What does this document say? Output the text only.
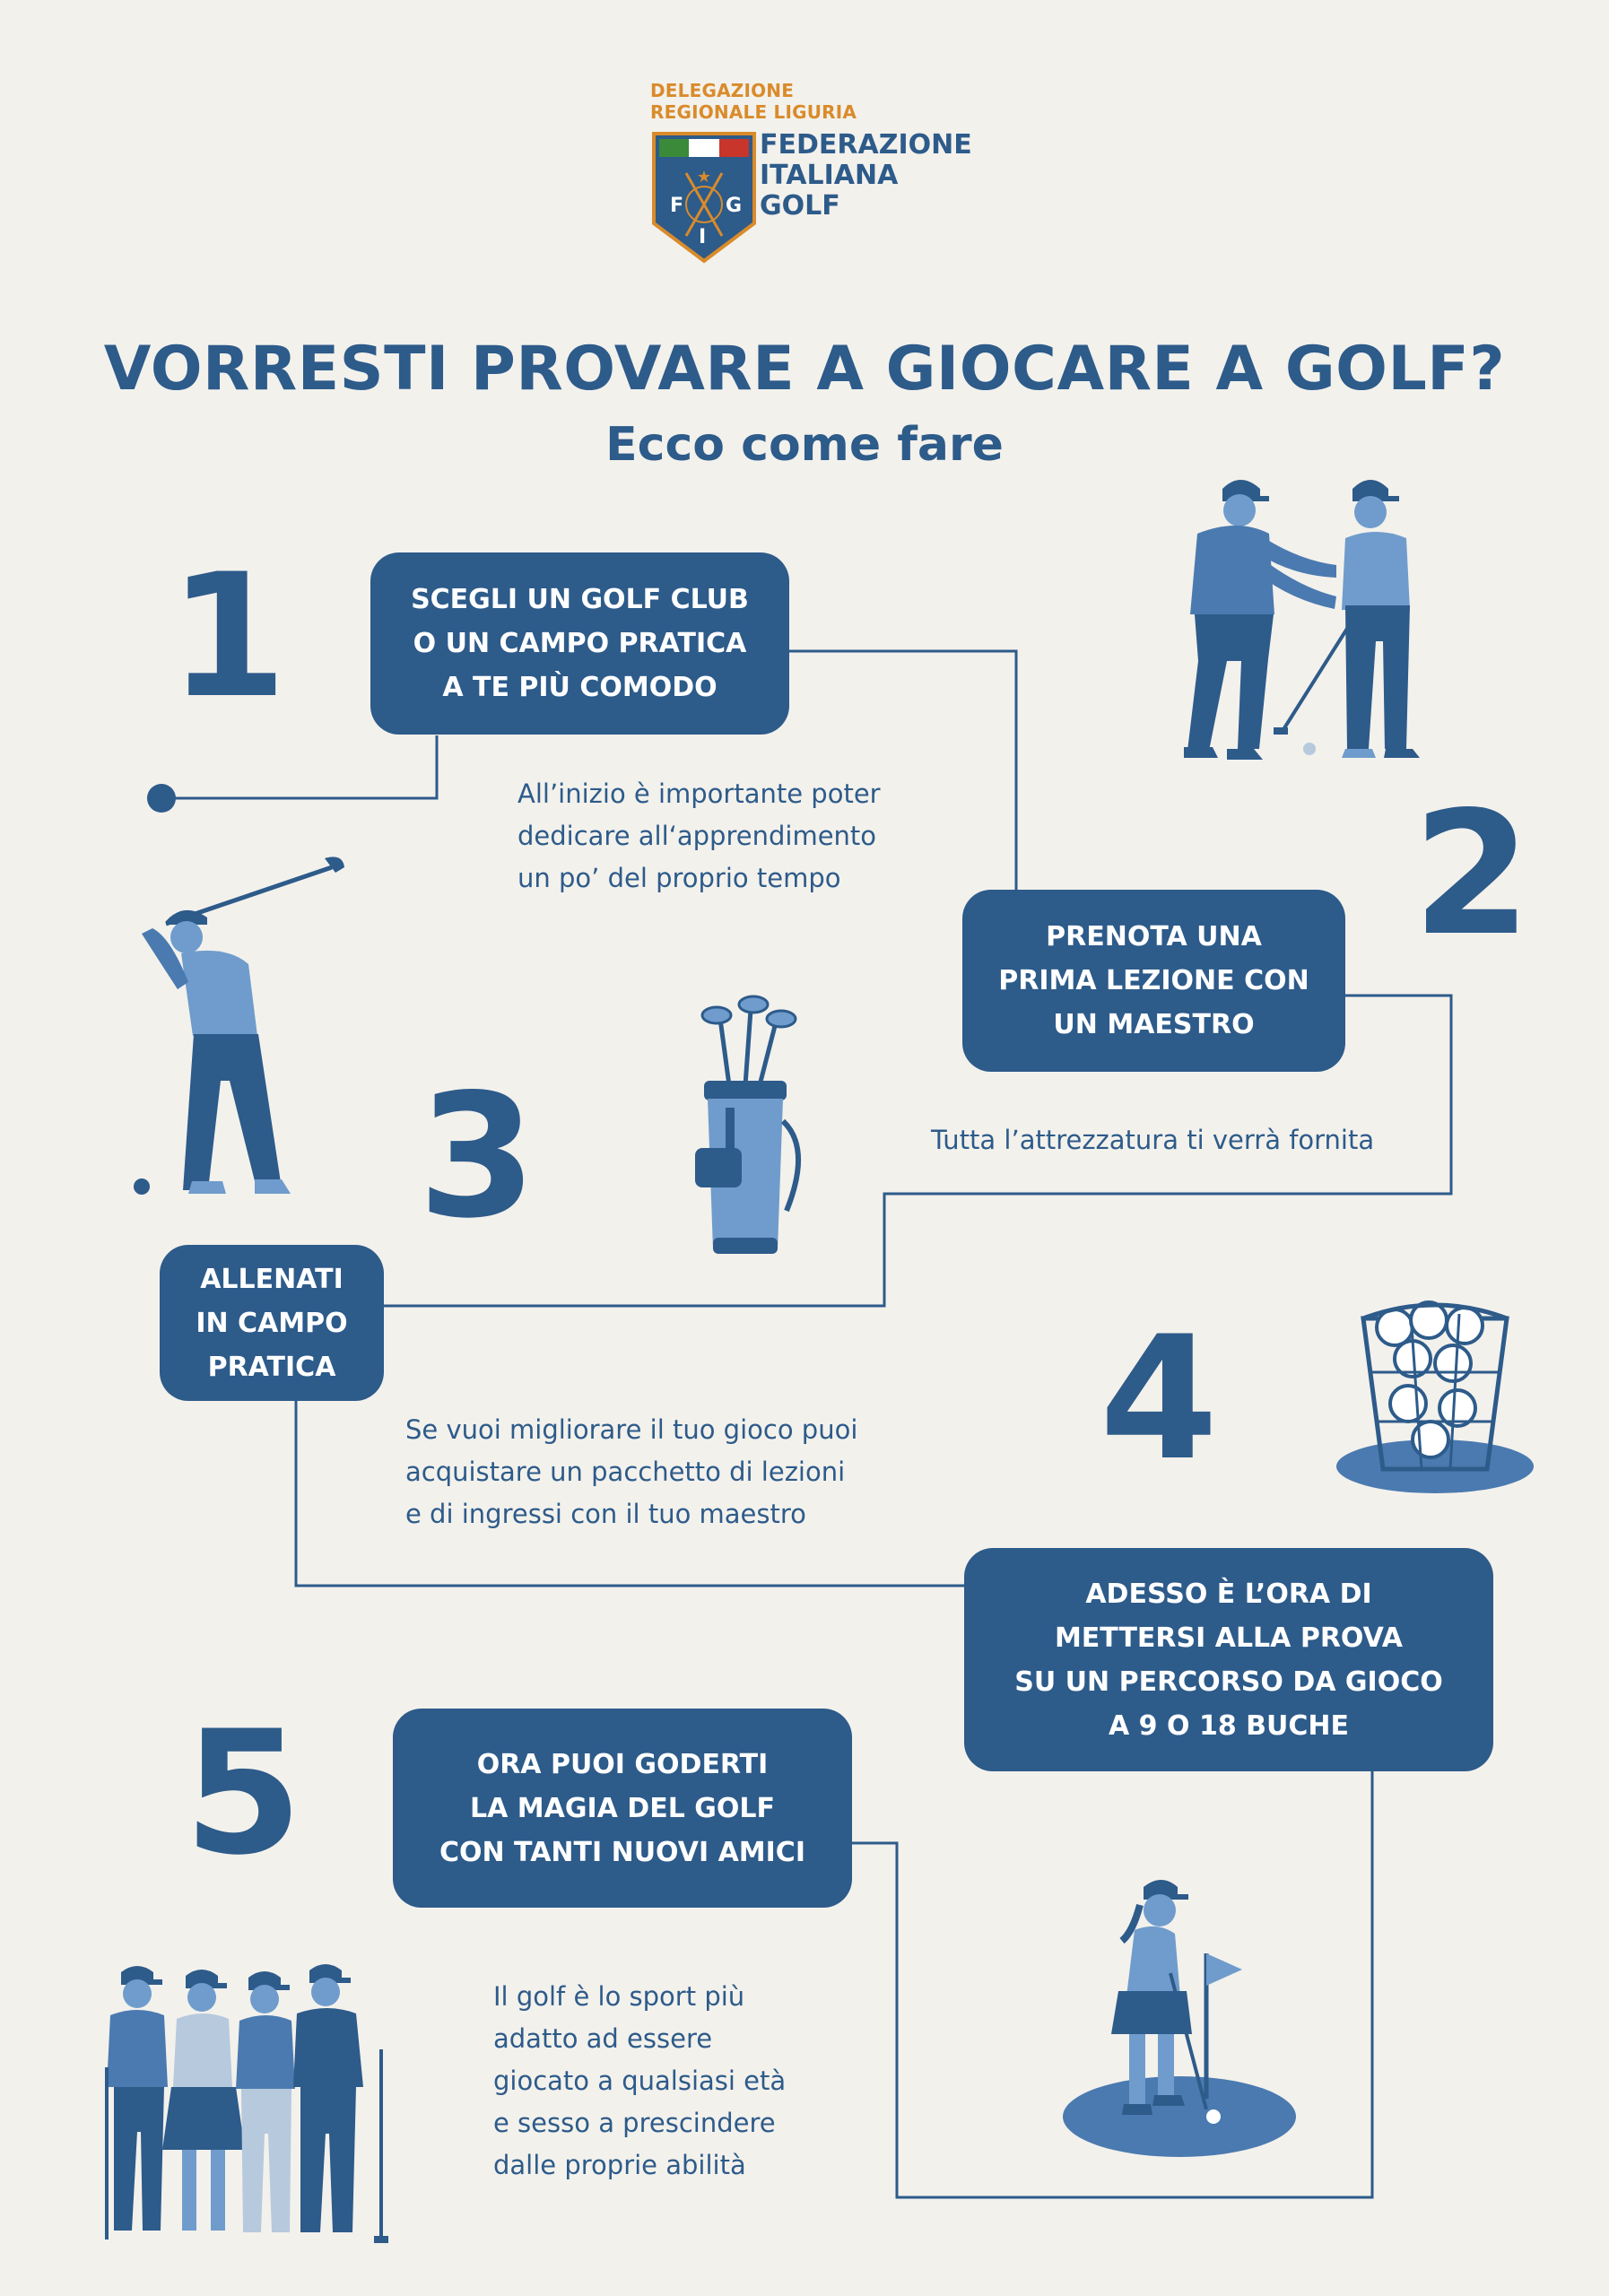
DELEGAZIONE
REGIONALE LIGURIA
★
F G
I
FEDERAZIONE
ITALIANA
GOLF
VORRESTI PROVARE A GIOCARE A GOLF?
Ecco come fare
1
2
3
4
5
SCEGLI UN GOLF CLUB
O UN CAMPO PRATICA
A TE PIÙ COMODO
PRENOTA UNA
PRIMA LEZIONE CON
UN MAESTRO
ALLENATI
IN CAMPO
PRATICA
ADESSO È L’ORA DI
METTERSI ALLA PROVA
SU UN PERCORSO DA GIOCO
A 9 O 18 BUCHE
ORA PUOI GODERTI
LA MAGIA DEL GOLF
CON TANTI NUOVI AMICI
All’inizio è importante poter
dedicare all‘apprendimento
un po’ del proprio tempo
Tutta l’attrezzatura ti verrà fornita
Se vuoi migliorare il tuo gioco puoi
acquistare un pacchetto di lezioni
e di ingressi con il tuo maestro
Il golf è lo sport più
adatto ad essere
giocato a qualsiasi età
e sesso a prescindere
dalle proprie abilità
